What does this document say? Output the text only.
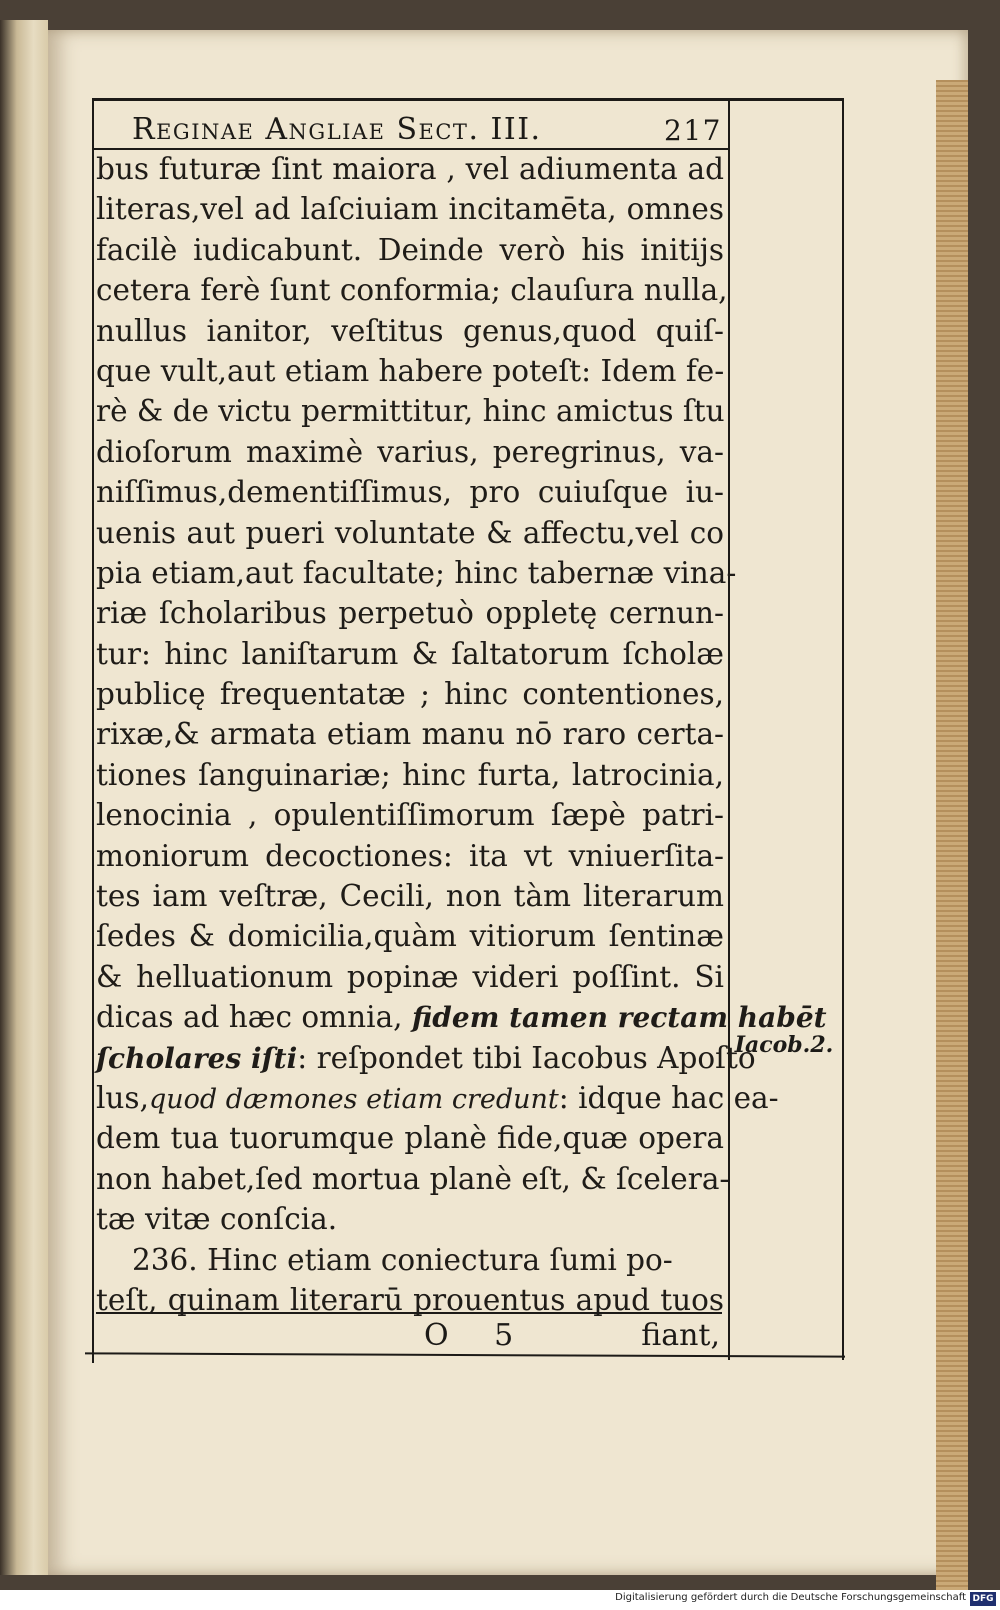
Reginae Angliae Sect. III.	217
bus futuræ ſint maiora , vel adiumenta ad
literas,vel ad laſciuiam incitamēta, omnes
facilè iudicabunt. Deinde verò his initijs
cetera ferè ſunt conformia; clauſura nulla,
nullus ianitor, veſtitus genus,quod quiſ-
que vult,aut etiam habere poteſt: Idem fe-
rè & de victu permittitur, hinc amictus ſtu
dioſorum maximè varius, peregrinus, va-
niſſimus,dementiſſimus, pro cuiuſque iu-
uenis aut pueri voluntate & affectu,vel co
pia etiam,aut facultate; hinc tabernæ vina-
riæ ſcholaribus perpetuò oppletę cernun-
tur: hinc laniſtarum & ſaltatorum ſcholæ
publicę frequentatæ ; hinc contentiones,
rixæ,& armata etiam manu nō raro certa-
tiones ſanguinariæ; hinc furta, latrocinia,
lenocinia , opulentiſſimorum ſæpè patri-
moniorum decoctiones: ita vt vniuerſita-
tes iam veſtræ, Cecili, non tàm literarum
ſedes & domicilia,quàm vitiorum ſentinæ
& helluationum popinæ videri poſſint. Si
dicas ad hæc omnia, fidem tamen rectam habēt
ſcholares iſti: reſpondet tibi Iacobus Apoſto
lus,quod dæmones etiam credunt: idque hac ea-
dem tua tuorumque planè fide,quæ opera
non habet,ſed mortua planè eſt, & ſcelera-
tæ vitæ conſcia.
236. Hinc etiam coniectura ſumi po-
teſt, quinam literarū prouentus apud tuos
Iacob.2.
O 5	fiant,
Digitalisierung gefördert durch die Deutsche Forschungsgemeinschaft DFG
